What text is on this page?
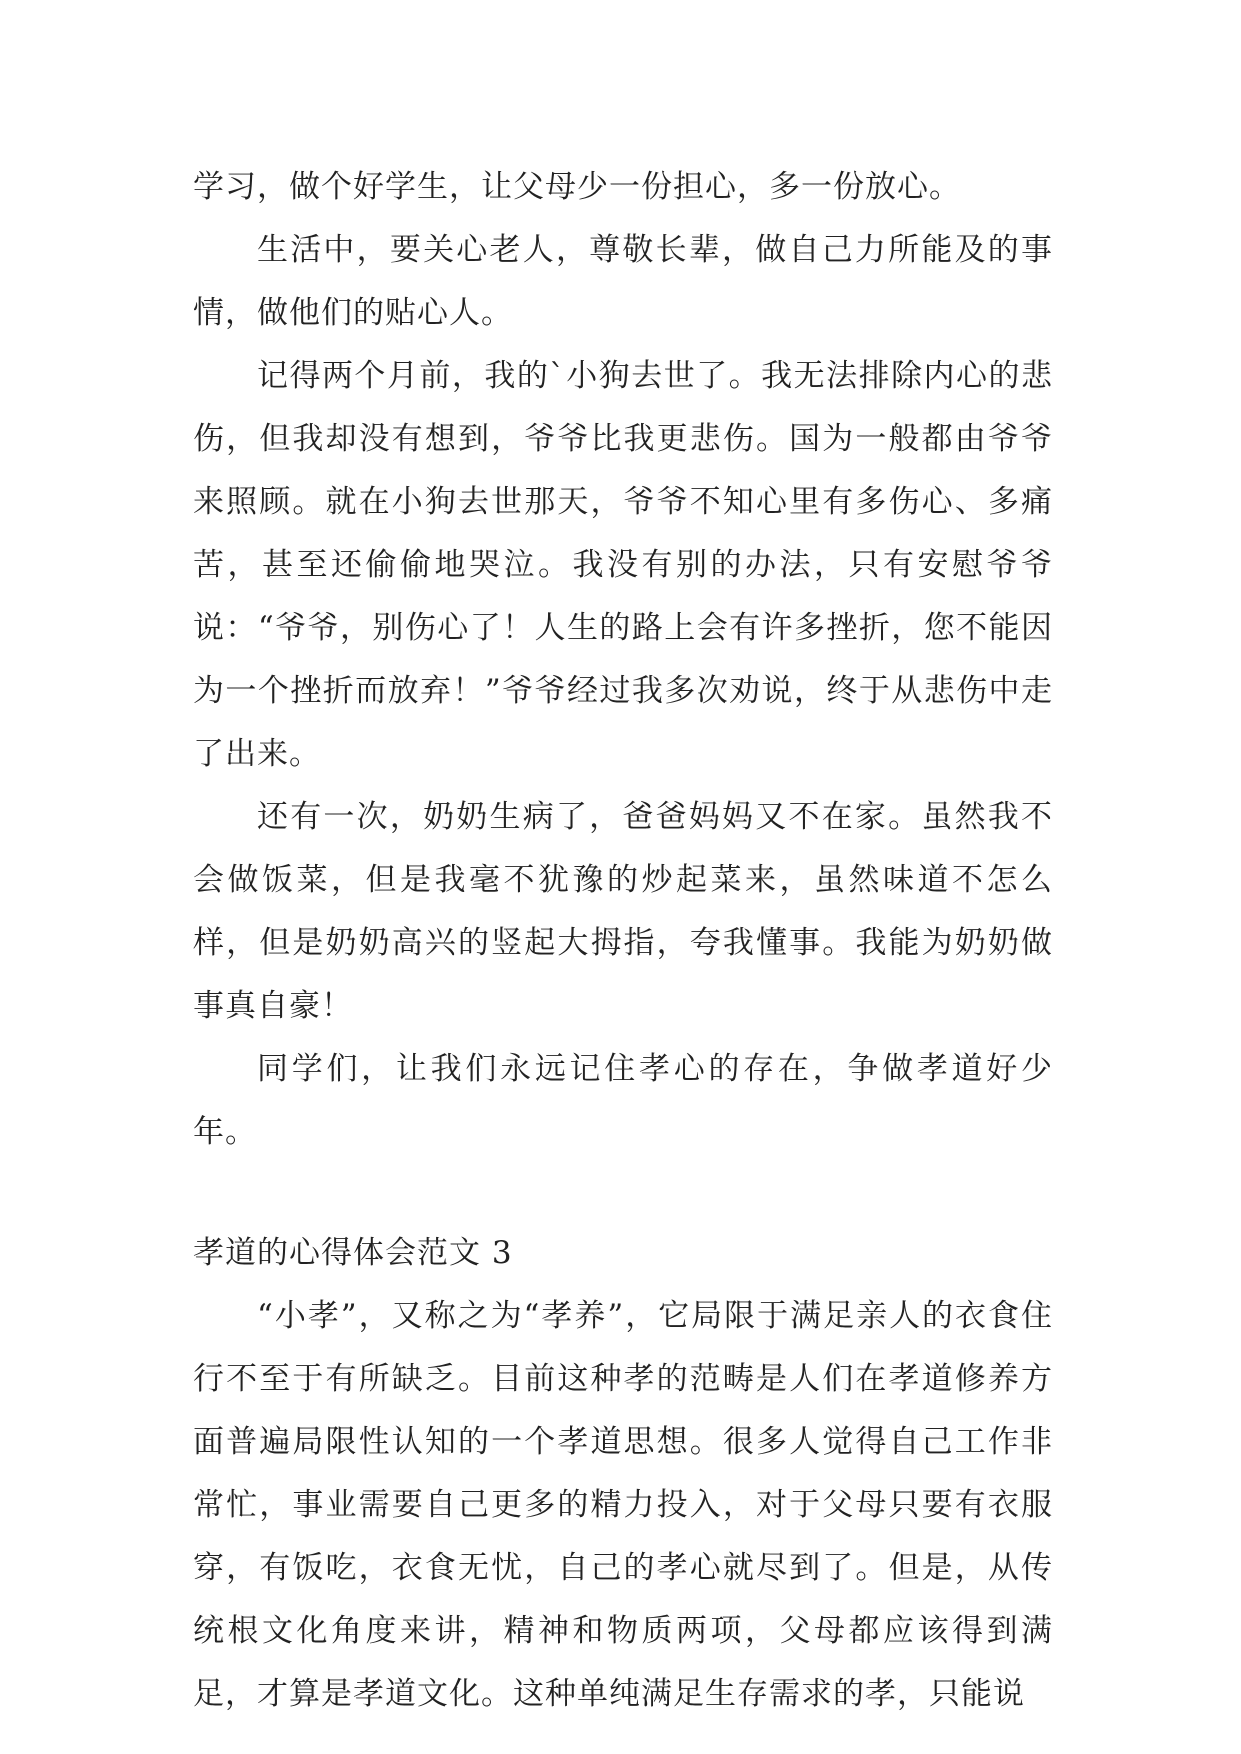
学习，做个好学生，让父母少一份担心，多一份放心。

生活中，要关心老人，尊敬长辈，做自己力所能及的事情，做他们的贴心人。

记得两个月前，我的`小狗去世了。我无法排除内心的悲伤，但我却没有想到，爷爷比我更悲伤。国为一般都由爷爷来照顾。就在小狗去世那天，爷爷不知心里有多伤心、多痛苦，甚至还偷偷地哭泣。我没有别的办法，只有安慰爷爷说：“爷爷，别伤心了！人生的路上会有许多挫折，您不能因为一个挫折而放弃！”爷爷经过我多次劝说，终于从悲伤中走了出来。

还有一次，奶奶生病了，爸爸妈妈又不在家。虽然我不会做饭菜，但是我毫不犹豫的炒起菜来，虽然味道不怎么样，但是奶奶高兴的竖起大拇指，夸我懂事。我能为奶奶做事真自豪！

同学们，让我们永远记住孝心的存在，争做孝道好少年。

孝道的心得体会范文 3

“小孝”，又称之为“孝养”，它局限于满足亲人的衣食住行不至于有所缺乏。目前这种孝的范畴是人们在孝道修养方面普遍局限性认知的一个孝道思想。很多人觉得自己工作非常忙，事业需要自己更多的精力投入，对于父母只要有衣服穿，有饭吃，衣食无忧，自己的孝心就尽到了。但是，从传统根文化角度来讲，精神和物质两项，父母都应该得到满足，才算是孝道文化。这种单纯满足生存需求的孝，只能说
